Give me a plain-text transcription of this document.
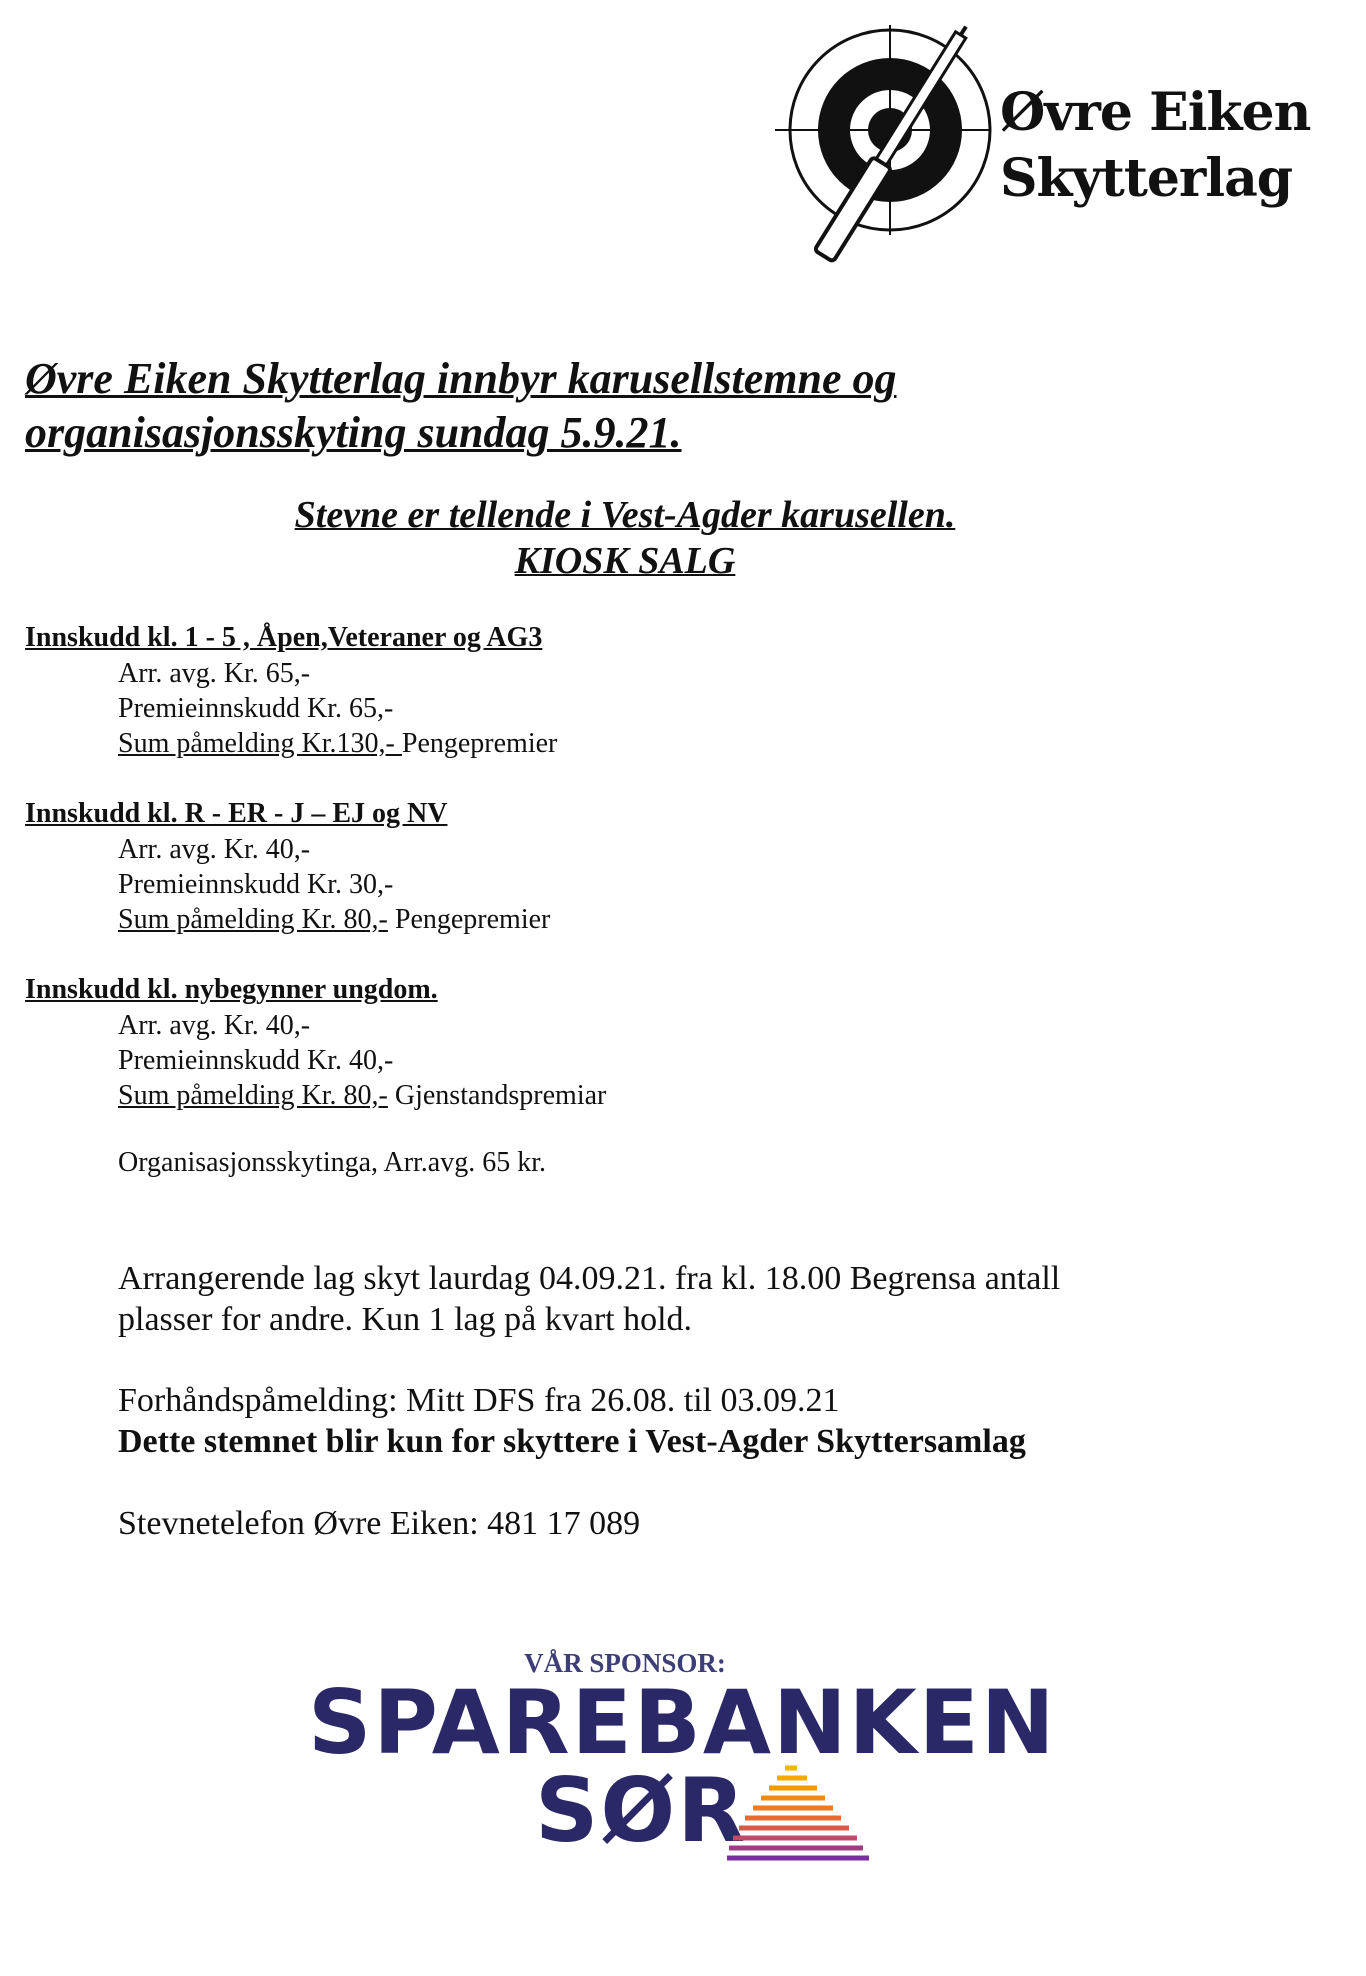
Øvre Eiken
Skytterlag
Øvre Eiken Skytterlag innbyr karusellstemne og
organisasjonsskyting sundag 5.9.21.
Stevne er tellende i Vest-Agder karusellen.
KIOSK SALG
Innskudd kl. 1 - 5 , Åpen,Veteraner og AG3
Arr. avg. Kr. 65,-
Premieinnskudd Kr. 65,-
Sum påmelding Kr.130,- Pengepremier
Innskudd kl. R - ER - J – EJ og NV
Arr. avg. Kr. 40,-
Premieinnskudd Kr. 30,-
Sum påmelding Kr. 80,- Pengepremier
Innskudd kl. nybegynner ungdom.
Arr. avg. Kr. 40,-
Premieinnskudd Kr. 40,-
Sum påmelding Kr. 80,- Gjenstandspremiar
Organisasjonsskytinga, Arr.avg. 65 kr.
Arrangerende lag skyt laurdag 04.09.21. fra kl. 18.00 Begrensa antall
plasser for andre. Kun 1 lag på kvart hold.
Forhåndspåmelding: Mitt DFS fra 26.08. til 03.09.21
Dette stemnet blir kun for skyttere i Vest-Agder Skyttersamlag
Stevnetelefon Øvre Eiken: 481 17 089
VÅR SPONSOR:
SPAREBANKEN
SØR
